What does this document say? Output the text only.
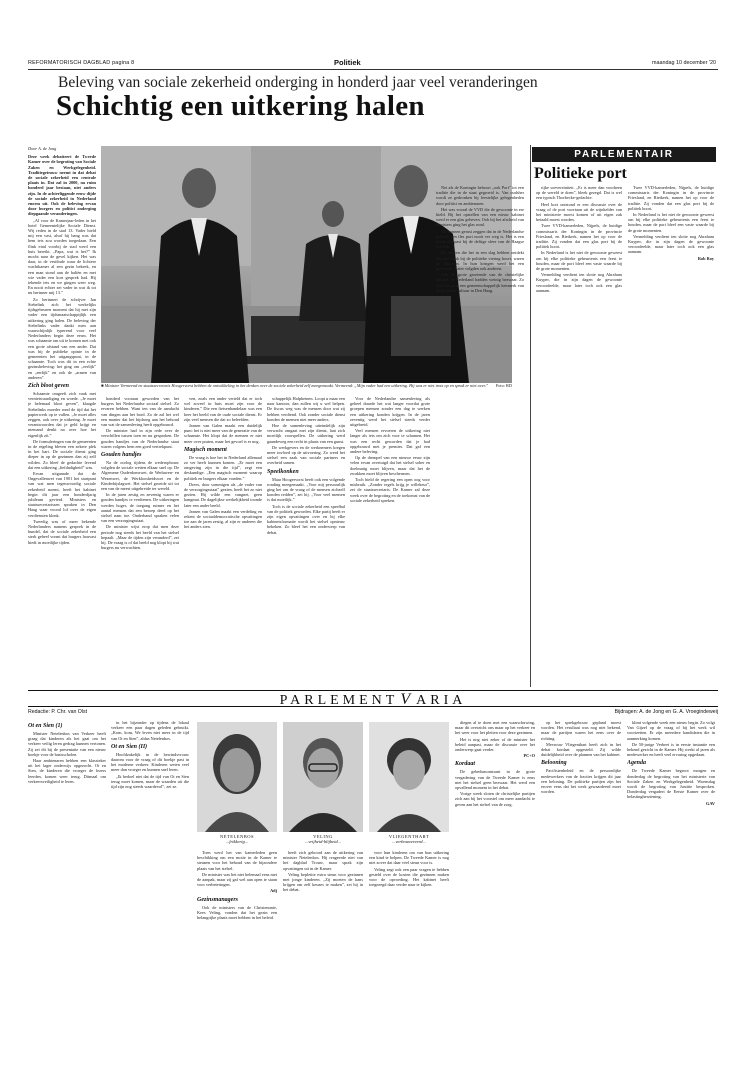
REFORMATORISCH DAGBLAD pagina 8	Politiek	maandag 10 december '20
Beleving van sociale zekerheid onderging in honderd jaar veel veranderingen
Schichtig een uitkering halen

Door A. de Jong

Deze week debatteert de Tweede Kamer over de begroting van Sociale Zaken en Werkgelegenheid. Traditiegetrouw neemt in dat debat de sociale zekerheid een centrale plaats in. Dat zal in 2000, na ruim honderd jaar bestaan, niet anders zijn. In de achterliggende eeuw dijde de sociale zekerheid in Nederland enorm uit. Ook de beleving ervan door burgers en politici onderging diepgaande veranderingen.

„Al voor de Kamerjaar-leden in het hotel Gemeentelijke Sociale Dienst. Wij reden in de stad 13. Vader hield mij een vast, alsof hij bang was dat hem iets zou worden toegedaan. Een flink eind voorbij de stad werd een huis bereikt. „Papa, wat is het?” Ik mocht naar de gevel kijken. Het was daar, in de vestibule waar de lichtere wachtkamer al een gezin bekeek, en een man stond aan de baliën en met wie vader een kort gesprek had. Hij tekende iets en we gingen weer weg. En nooit echter zei vader in wat ik tot nu herinner mij 13.”

Zo herinnert de schrijver Jan Siebelink zich het werkelijks tijdsgebeuren moment dat hij met zijn vader een tijdsmaatschappijlijk een uitkering ging halen. De beleving der Siebelinks vader dankt men aan waarschijnlijk typerend voor veel Nederlanders begin deze eeuw. Het was schaamte om uit te komen met ook een grote afstand van een ander. Dat was bij de publieke opinie in de gemeenten het uitgangspunt, in de schaamte. Toch was dit in een echte gezinsbeleving: het ging om „eerlijk” en „eerlijk” en ook de „armen van anderen”.

Zich bloot geven

Schaamte omgeeft zich vaak met vernietwaardiging en woede. „Je moet je helemaal bloot geven”, klaagde Siebelinks moeder rond de tijd dat het papierwerk op te vullen. „Je moet alles zeggen, ook over je uitkering. Je moet verantwoorden dat je geld krijgt en niemand denkt na over hoe het eigenlijk zit.”

De formuleringen van de gemeenten in de regeling bleven een zekere plek in het hart. De sociale dienst ging dieper in op de gezinnen dan zij zelf wilden. Zo bleef de gedachte levend dat een uitkering „liefdadigheid” was.

Ervan uitgaande dat de Ongevallenwet van 1901 het startpunt van wat men tegenwoordig sociale zekerheid noemt, heeft het kabinet begin dit jaar een honderdjarig jubileum gevierd. Ministers en staatssecretarissen spraken in Den Haag waar vooral lof over de eigen verdiensten klonk.

Tweedig was of meer bekende Nederlanders namens gesprek in de bundel, dat de sociale zekerheid een sterk geheel vormt dat burgers houvast biedt in moeilijke tijden.

■ Minister Vermeend en staatssecretaris Hoogervorst hebben de ontwikkeling in het denken over de sociale zekerheid zelf meegemaakt. Vermeend: „Mijn vader had een uitkering. Hij was er niet trots op en sprak er niet over.” Foto: RD

honderd vooraan geworden van het burgers het Nederlandse sociaal stelsel. Zo ervaren hebben. Want ten van de aandacht van dingen aan het bord. Zo de zal het wel een manier dat het bijdroeg aan het behoud van wat de samenleving heeft opgebouwd.

De minister had in zijn rede over de verschillen tussen toen en nu gesproken. De gouden handjes van de Nederlandse staat waren volgens hem een goed vertrekpunt.

Gouden handjes

Na de oorlog tijdens de wederopbouw volgden de sociale wetten elkaar snel op. De Algemene Ouderdomswet, de Weduwen- en Wezenwet, de Werkloosheidswet en de Kinderbijslagwet. Het stelsel groeide uit tot een van de meest uitgebreide ter wereld.

In de jaren zestig en zeventig waren er gouden handjes te verdienen. De uitkeringen werden hoger, de toegang ruimer en het aantal mensen dat een beroep deed op het stelsel nam toe. Onderhand spraken velen van een verzorgingsstaat.

De minister wijst erop dat men deze periode nog steeds het beeld van het stelsel bepaalt. „Maar de tijden zijn veranderd”, zei hij. De vraag is of dat beeld nog klopt bij wat burgers nu verwachten.

ven, zoals een ander verteld dat er toch wel zoveel in huis moet zijn voor de kinderen.” Die een fietsenhandelaar was een keer het beeld van de oude sociale dienst. Er zijn veel mensen die dat zo beleefden.

Jansen van Galen maakt een duidelijk punt: het is niet meer van de generatie van de schaamte. Het klopt dat de mensen er niet meer over praten, maar het gevoel is er nog.

Magisch moment

De vraag is hoe het in Nederland allemaal zo ver heeft kunnen komen. „Er moet een omgeving zijn in die tijd”, zegt een deskundige. „Een magisch moment waarop politiek en burgers elkaar vonden.”

Drees, door sommigen als „de vader van de verzorgingsstaat” gezien, heeft het zo niet gezien. Hij wilde een vangnet, geen hangmat. De dagelijkse werkelijkheid toonde later een ander beeld.

Jansen van Galen maakt een verdeling en rekent de sociaaldemocratische opvattingen toe aan de jaren zestig, al zijn er anderen die het anders zien.

schappelijk Halpheinen. Loopt u maar een naar kantoor, dan zullen wij u wel helpen. De fiscus weg was de mensen door wat zij hebben verdiend. Ook zonder sociale dienst konden de mensen niet meer anders.

Hoe de samenleving uiteindelijk zijn verwacht omgaat met zijn dienst, laat zich moeilijk voorspellen. De uitkering werd gaandeweg een recht in plaats van een gunst.

De werkgevers en de werknemers kregen meer invloed op de uitvoering. Zo werd het stelsel een zaak van sociale partners en overheid samen.

Speelkonken

Maar Hoogervorst heeft ook een volgende ronding meegemaakt. „Voor mij persoonlijk ging het om de vraag of de mensen zichzelf konden redden”, zei hij. „Voor veel mensen is dat moeilijk.”

Toch is de sociale zekerheid een speelbal van de politiek geworden. Elke partij heeft er zijn eigen opvattingen over en bij elke kabinetsformatie wordt het stelsel opnieuw bekeken. Zo bleef het een onderwerp van debat.

Voor de Nederlandse samenleving als geheel duurde het wat langer voordat grote groepen mensen zonder een dag te werken een uitkering konden krijgen. In de jaren zeventig werd het stelsel steeds verder uitgebreid.

Veel mensen ervoeren de uitkering niet langer als iets om zich voor te schamen. Het was een recht geworden dat je had opgebouwd met je premies. Dat gaf een andere beleving.

Op de drempel van een nieuwe eeuw zijn velen ervan overtuigd dat het stelsel sober en doelmatig moet blijven, maar dat het de zwakken moet blijven beschermen.

Toch hield de regering een open oog voor misbruik. „Zonder regels krijg je willekeur”, zei de staatssecretaris. De Kamer zal deze week over de begroting en de toekomst van de sociale zekerheid spreken.

PARLEMENTAIR
Politieke port

Net als de Koningin behoort „ook Port” tot een traditie die in de staat gegroeid is. Van oudsher wordt ze gedronken bij feestelijke gelegenheden door politici en ambtenaren.

Het was vooral de VVD die de gewoonte in ere hield. Bij het opstellen van een nieuw kabinet werd er een glas geheven. Ook bij het afscheid van ministers ging het glas rond.

We kunnen gerust zeggen dat in de Nederlandse politiek een fles port nooit ver weg is. Het is een drank die past bij de deftige sfeer van de Haagse politiek.

De eersten die het in een slag hebben ontdekt dat port vaak bij de politieke viering hoort, waren de liberalen. In hun kringen werd het een gewoonte. Later volgden ook anderen.

Ook de grote groeiende van de christelijke politiek in Nederland hadden weinig bezwaar. Zo werd de port een gemeenschappelijk kenmerk van de politieke cultuur in Den Haag.

rijke soevereiniteit. „Er is meer dan voorheen op de wereld te doen”, bleek gezegd. Dat is wel een typisch Thorbecke-gedachte.

Heel kort ontstond er een discussie over de vraag of de port voortaan uit de wijnkelder van het ministerie moest komen of uit eigen zak betaald moest worden.

Twee VVD-kamerleden, Nijpels, de huidige commissaris der Koningin in de provincie Friesland, en Rietkerk, namen het op voor de traditie. Zij vonden dat een glas port bij de politiek hoort.

In Nederland is het niet de gewoonte geweest om bij elke politieke gebeurtenis een feest te houden, maar de port bleef een vaste waarde bij de grote momenten.

Vermelding verdient ten slotte nog Abraham Kuyper, die in zijn dagen de gewoonte veroordeelde, maar later toch ook een glas aannam.

Twee VVD-kamerleden, Nijpels, de huidige commissaris der Koningin in de provincie Friesland, en Rietkerk, namen het op voor de traditie. Zij vonden dat een glas port bij de politiek hoort.

In Nederland is het niet de gewoonte geweest om bij elke politieke gebeurtenis een feest te houden, maar de port bleef een vaste waarde bij de grote momenten.

Vermelding verdient ten slotte nog Abraham Kuyper, die in zijn dagen de gewoonte veroordeelde, maar later toch ook een glas aannam.

Rob Roy

PARLEMENT V ARIA
Redactie: P. Chr. van Olst	Bijdragen: A. de Jong en G. A. Vroegindeweij
Ot en Sien (1)

Minister Netelenbos van Verkeer heeft graag dat kinderen als het gaat om het verkeer veilig leren gedrag kunnen vertonen. Zij zei dit bij de presentatie van een nieuw boekje voor de basisscholen.

Haar ambtenaren hebben een klassieker uit het lager onderwijs opgezocht. Ot en Sien, de kinderen die vroeger de lezers leerden, komen weer terug. Ditmaal om verkeersveiligheid te leren.

in het bijzonder op tijdens de lokaal verkeer een paar dagen geleden gebruikt. „Kom, kom, We leven niet meer in de tijd van Ot en Sien”, aldus Netelenbos.

Ot en Sien (II)

Hoofdzakelijk in de bewindsvrouw daarom voor de vraag of dit boekje past in het moderne verkeer. Kinderen weten veel meer dan vroeger en kunnen snel leren.

„Ik bedoel niet dat de tijd van Ot en Sien terug moet komen, maar de waarden uit die tijd zijn nog steeds waardevol”, zei ze.

NETELENBOS
...frikkerig...
VELING
...vrijheid-blijheid...
VLIEGENTHART
...verbouwereerd...

Toen werd het van kamerleden geen beschikking om een motie in de Kamer te steunen voor het behoud van de bijzondere plaats van het stelsel.

De minister was het niet helemaal eens met de aanpak, maar zij gaf wel aan open te staan voor verbeteringen.

Adj

Gezinsmanagers

Ook de ministers van de Christenunie, Kees Veling, vonden dat het gezin een belangrijke plaats moet hebben in het beleid.

heeft zich geboord aan de uitkering van minister Netelenbos. Hij reageerde niet van het dagblad Trouw, maar sprak zijn opvattingen uit in de Kamer.

Veling bepleitte extra steun voor gezinnen met jonge kinderen. „Zij moeten de kans krijgen om zelf keuzes te maken”, zei hij in het debat.

voor hun kinderen om van hun uitkering een kind te helpen. De Tweede Kamer is nog niet zover dat daar veel steun voor is.

Veling zegt ook een paar vragen te hebben gesteld over de kosten die gezinnen maken voor de opvoeding. Het kabinet heeft toegezegd daar verder naar te kijken.

diegen al te doen met een waarschuwing, maar dit overzicht ons maar op het verkeer en het weer voor het pleiten voor deze gezinnen.

Het is nog niet zeker of de minister het beleid aanpast, maar de discussie over het onderwerp gaat verder.

PC+O

Kordaat

De gebedsmonstrant in de grote vergadering van de Tweede Kamer is eens met het stelsel geen bezwaar. Het werd een opvallend moment in het debat.

Vorige week sloten de christelijke partijen zich aan bij het voorstel om meer aandacht te geven aan het stelsel van de zorg.

op het sprekgebouw gepland moest worden. Het resultaat was nog niet bekend, maar de partijen waren het eens over de richting.

Mevrouw Vliegenthart heeft zich in het debat kordaat opgesteld. Zij wilde duidelijkheid over de plannen van het kabinet.

Belooning

Pacifistenbeleid en de persoonlijke medewerkers van de fracties krijgen dit jaar een beloning. De politieke partijen zijn het erover eens dat het werk gewaardeerd moet worden.

klimt volgende week een nieuw begin. Zo volgt Van Gijzel op de vraag of hij het werk wil voortzetten. Er zijn meerdere kandidaten die in aanmerking komen.

De 50-jarige Verbeet is in eerste instantie een bekend gezicht in de Kamer. Hij werkt al jaren als medewerker en heeft veel ervaring opgedaan.

Agenda

De Tweede Kamer begroot morgen en donderdag de begroting van het ministerie van Sociale Zaken en Werkgelegenheid. Woensdag wordt de begroting van Justitie besproken. Donderdag vergadert de Eerste Kamer over de belastingherziening.

GAV
